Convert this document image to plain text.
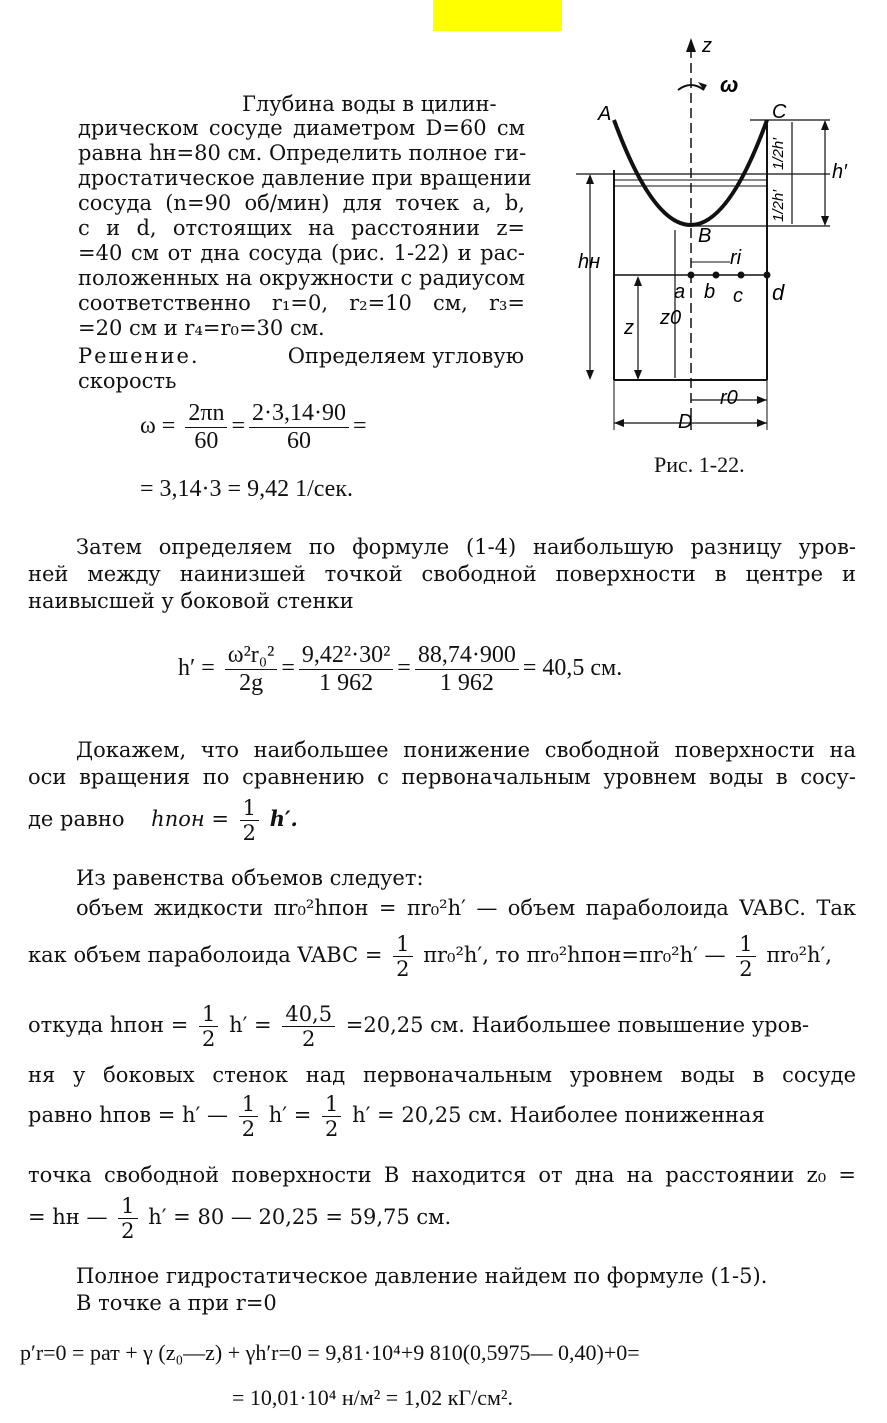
Глубина воды в цилин-
дрическом сосуде диаметром D=60 см
равна hн=80 см. Определить полное ги-
дростатическое давление при вращении
сосуда (n=90 об/мин) для точек a, b,
c и d, отстоящих на расстоянии z=
=40 см от дна сосуда (рис. 1-22) и рас-
положенных на окружности с радиусом
соответственно r₁=0, r₂=10 см, r₃=
=20 см и r₄=r₀=30 см.
Решение.	Определяем угловую
скорость
$\omega = \frac{2\pi n}{60} = \frac{2\cdot 3,14\cdot 90}{60}$ =
= 3,14·3 = 9,42 1/сек.
z
ω
A	C
B
a b c d
hн
h′
1/2h′
1/2h′
ri
z z0
r0
D
Рис. 1-22.
Затем определяем по формуле (1-4) наибольшую разницу уров-
ней между наинизшей точкой свободной поверхности в центре и
наивысшей у боковой стенки
$h' = \frac{\text{ω²r₀²}}{2g} = \frac{\text{9,42²·30²}}{1 962} = \frac{88,74\cdot 900}{1 962} = 40,5$ см.
Докажем, что наибольшее понижение свободной поверхности на
оси вращения по сравнению с первоначальным уровнем воды в сосу-
де равно hпон = $\frac{1}{2} h'$.
Из равенства объемов следует:
объем жидкости πr₀²hпон = πr₀²h′ — объем параболоида VABC. Так
как объем параболоида VABC = $\frac{1}{2} \pi r_0^2h'$, то πr₀²hпон=πr₀²h′ — $\frac{1}{2} \pi r_0^2h'$,
откуда hпон = $\frac{1}{2} h' = \frac{40,5}{2} =20,25$ см. Наибольшее повышение уров-
ня у боковых стенок над первоначальным уровнем воды в сосуде
равно hпов = h′ — $\frac{1}{2} h' = \frac{1}{2} h' = 20,25$ см. Наиболее пониженная
точка свободной поверхности B находится от дна на расстоянии z₀ =
= hн — $\frac{1}{2} h' = 80$ — 20,25 = 59,75 см.
Полное гидростатическое давление найдем по формуле (1-5).
В точке a при r=0
p′r=0 = pат + γ (z₀—z) + γh′r=0 = 9,81·10⁴+9 810(0,5975— 0,40)+0=
= 10,01·10⁴ н/м² = 1,02 кГ/см².
